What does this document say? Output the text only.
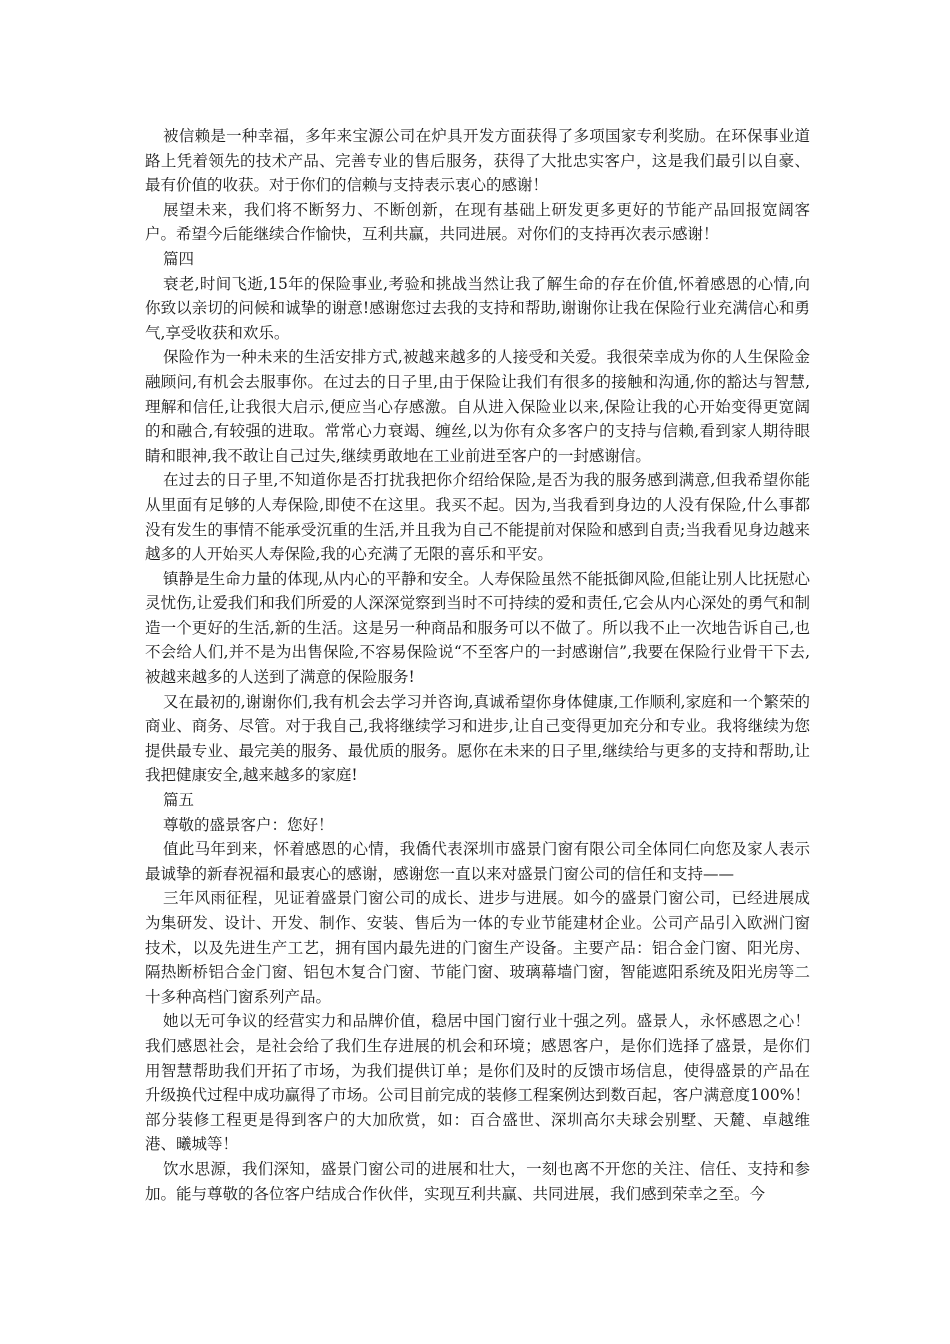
被信赖是一种幸福，多年来宝源公司在炉具开发方面获得了多项国家专利奖励。在环保事业道路上凭着领先的技术产品、完善专业的售后服务，获得了大批忠实客户，这是我们最引以自豪、最有价值的收获。对于你们的信赖与支持表示衷心的感谢！

展望未来，我们将不断努力、不断创新，在现有基础上研发更多更好的节能产品回报宽阔客户。希望今后能继续合作愉快，互利共赢，共同进展。对你们的支持再次表示感谢！

篇四

衰老,时间飞逝,15年的保险事业,考验和挑战当然让我了解生命的存在价值,怀着感恩的心情,向你致以亲切的问候和诚挚的谢意!感谢您过去我的支持和帮助,谢谢你让我在保险行业充满信心和勇气,享受收获和欢乐。

保险作为一种未来的生活安排方式,被越来越多的人接受和关爱。我很荣幸成为你的人生保险金融顾问,有机会去服事你。在过去的日子里,由于保险让我们有很多的接触和沟通,你的豁达与智慧,理解和信任,让我很大启示,便应当心存感激。自从进入保险业以来,保险让我的心开始变得更宽阔的和融合,有较强的进取。常常心力衰竭、缠丝,以为你有众多客户的支持与信赖,看到家人期待眼睛和眼神,我不敢让自己过失,继续勇敢地在工业前进至客户的一封感谢信。

在过去的日子里,不知道你是否打扰我把你介绍给保险,是否为我的服务感到满意,但我希望你能从里面有足够的人寿保险,即使不在这里。我买不起。因为,当我看到身边的人没有保险,什么事都没有发生的事情不能承受沉重的生活,并且我为自己不能提前对保险和感到自责;当我看见身边越来越多的人开始买人寿保险,我的心充满了无限的喜乐和平安。

镇静是生命力量的体现,从内心的平静和安全。人寿保险虽然不能抵御风险,但能让别人比抚慰心灵忧伤,让爱我们和我们所爱的人深深觉察到当时不可持续的爱和责任,它会从内心深处的勇气和制造一个更好的生活,新的生活。这是另一种商品和服务可以不做了。所以我不止一次地告诉自己,也不会给人们,并不是为出售保险,不容易保险说“不至客户的一封感谢信”,我要在保险行业骨干下去,被越来越多的人送到了满意的保险服务!

又在最初的,谢谢你们,我有机会去学习并咨询,真诚希望你身体健康,工作顺利,家庭和一个繁荣的商业、商务、尽管。对于我自己,我将继续学习和进步,让自己变得更加充分和专业。我将继续为您提供最专业、最完美的服务、最优质的服务。愿你在未来的日子里,继续给与更多的支持和帮助,让我把健康安全,越来越多的家庭!

篇五

尊敬的盛景客户：您好！

值此马年到来，怀着感恩的心情，我僑代表深圳市盛景门窗有限公司全体同仁向您及家人表示最诚挚的新春祝福和最衷心的感谢，感谢您一直以来对盛景门窗公司的信任和支持——

三年风雨征程，见证着盛景门窗公司的成长、进步与进展。如今的盛景门窗公司，已经进展成为集研发、设计、开发、制作、安装、售后为一体的专业节能建材企业。公司产品引入欧洲门窗技术，以及先进生产工艺，拥有国内最先进的门窗生产设备。主要产品：铝合金门窗、阳光房、隔热断桥铝合金门窗、铝包木复合门窗、节能门窗、玻璃幕墙门窗，智能遮阳系统及阳光房等二十多种高档门窗系列产品。

她以无可争议的经营实力和品牌价值，稳居中国门窗行业十强之列。盛景人，永怀感恩之心！我们感恩社会，是社会给了我们生存进展的机会和环境；感恩客户，是你们选择了盛景，是你们用智慧帮助我们开拓了市场，为我们提供订单；是你们及时的反馈市场信息，使得盛景的产品在升级换代过程中成功赢得了市场。公司目前完成的装修工程案例达到数百起，客户满意度100%！部分装修工程更是得到客户的大加欣赏，如：百合盛世、深圳高尔夫球会别墅、天麓、卓越维港、曦城等！

饮水思源，我们深知，盛景门窗公司的进展和壮大，一刻也离不开您的关注、信任、支持和参加。能与尊敬的各位客户结成合作伙伴，实现互利共赢、共同进展，我们感到荣幸之至。今
